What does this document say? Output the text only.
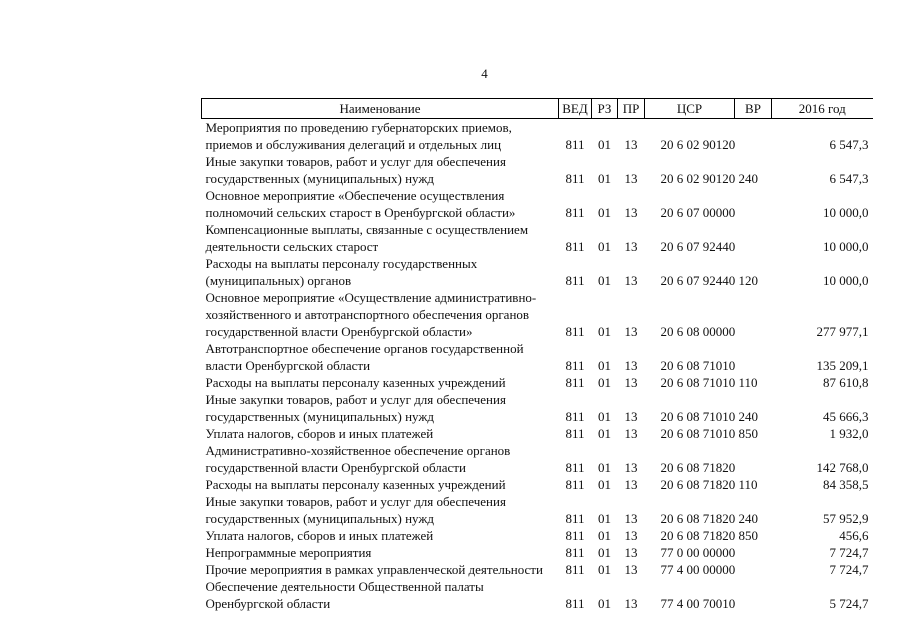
4
Наименование	ВЕД	РЗ	ПР	ЦСР	ВР	2016 год
Мероприятия по проведению губернаторских приемов, приемов и обслуживания делегаций и отдельных лиц	811	01	13	20 6 02 90120		6 547,3
Иные закупки товаров, работ и услуг для обеспечения государственных (муниципальных) нужд	811	01	13	20 6 02 90120	240	6 547,3
Основное мероприятие «Обеспечение осуществления полномочий сельских старост в Оренбургской области»	811	01	13	20 6 07 00000		10 000,0
Компенсационные выплаты, связанные с осуществлением деятельности сельских старост	811	01	13	20 6 07 92440		10 000,0
Расходы на выплаты персоналу государственных (муниципальных) органов	811	01	13	20 6 07 92440	120	10 000,0
Основное мероприятие «Осуществление административно-хозяйственного и автотранспортного обеспечения органов государственной власти Оренбургской области»	811	01	13	20 6 08 00000		277 977,1
Автотранспортное обеспечение органов государственной власти Оренбургской области	811	01	13	20 6 08 71010		135 209,1
Расходы на выплаты персоналу казенных учреждений	811	01	13	20 6 08 71010	110	87 610,8
Иные закупки товаров, работ и услуг для обеспечения государственных (муниципальных) нужд	811	01	13	20 6 08 71010	240	45 666,3
Уплата налогов, сборов и иных платежей	811	01	13	20 6 08 71010	850	1 932,0
Административно-хозяйственное обеспечение органов государственной власти Оренбургской области	811	01	13	20 6 08 71820		142 768,0
Расходы на выплаты персоналу казенных учреждений	811	01	13	20 6 08 71820	110	84 358,5
Иные закупки товаров, работ и услуг для обеспечения государственных (муниципальных) нужд	811	01	13	20 6 08 71820	240	57 952,9
Уплата налогов, сборов и иных платежей	811	01	13	20 6 08 71820	850	456,6
Непрограммные мероприятия	811	01	13	77 0 00 00000		7 724,7
Прочие мероприятия в рамках управленческой деятельности	811	01	13	77 4 00 00000		7 724,7
Обеспечение деятельности Общественной палаты Оренбургской области	811	01	13	77 4 00 70010		5 724,7
